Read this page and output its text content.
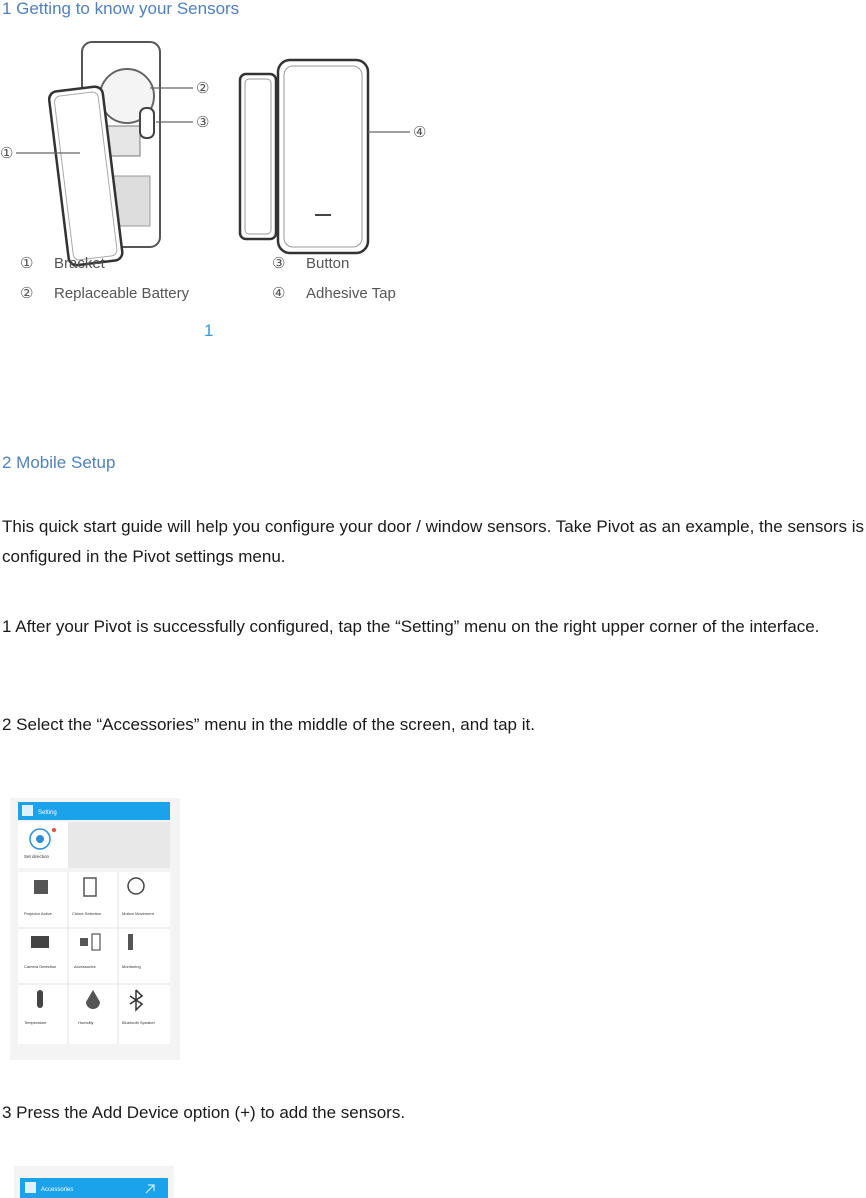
1 Getting to know your Sensors
①
②
③
④
① Bracket
② Replaceable Battery
③ Button
④ Adhesive Tap
1
2 Mobile Setup

This quick start guide will help you configure your door / window sensors. Take Pivot as an example, the sensors is configured in the Pivot settings menu.

1 After your Pivot is successfully configured, tap the “Setting” menu on the right upper corner of the interface.

2 Select the “Accessories” menu in the middle of the screen, and tap it.

Setting
Set direction
Projector Active	Chime Selection	Motion Movement
Camera Detection	Accessories	Monitoring
Temperature	Humidity	Bluetooth Speaker

3 Press the Add Device option (+) to add the sensors.

Accessories
